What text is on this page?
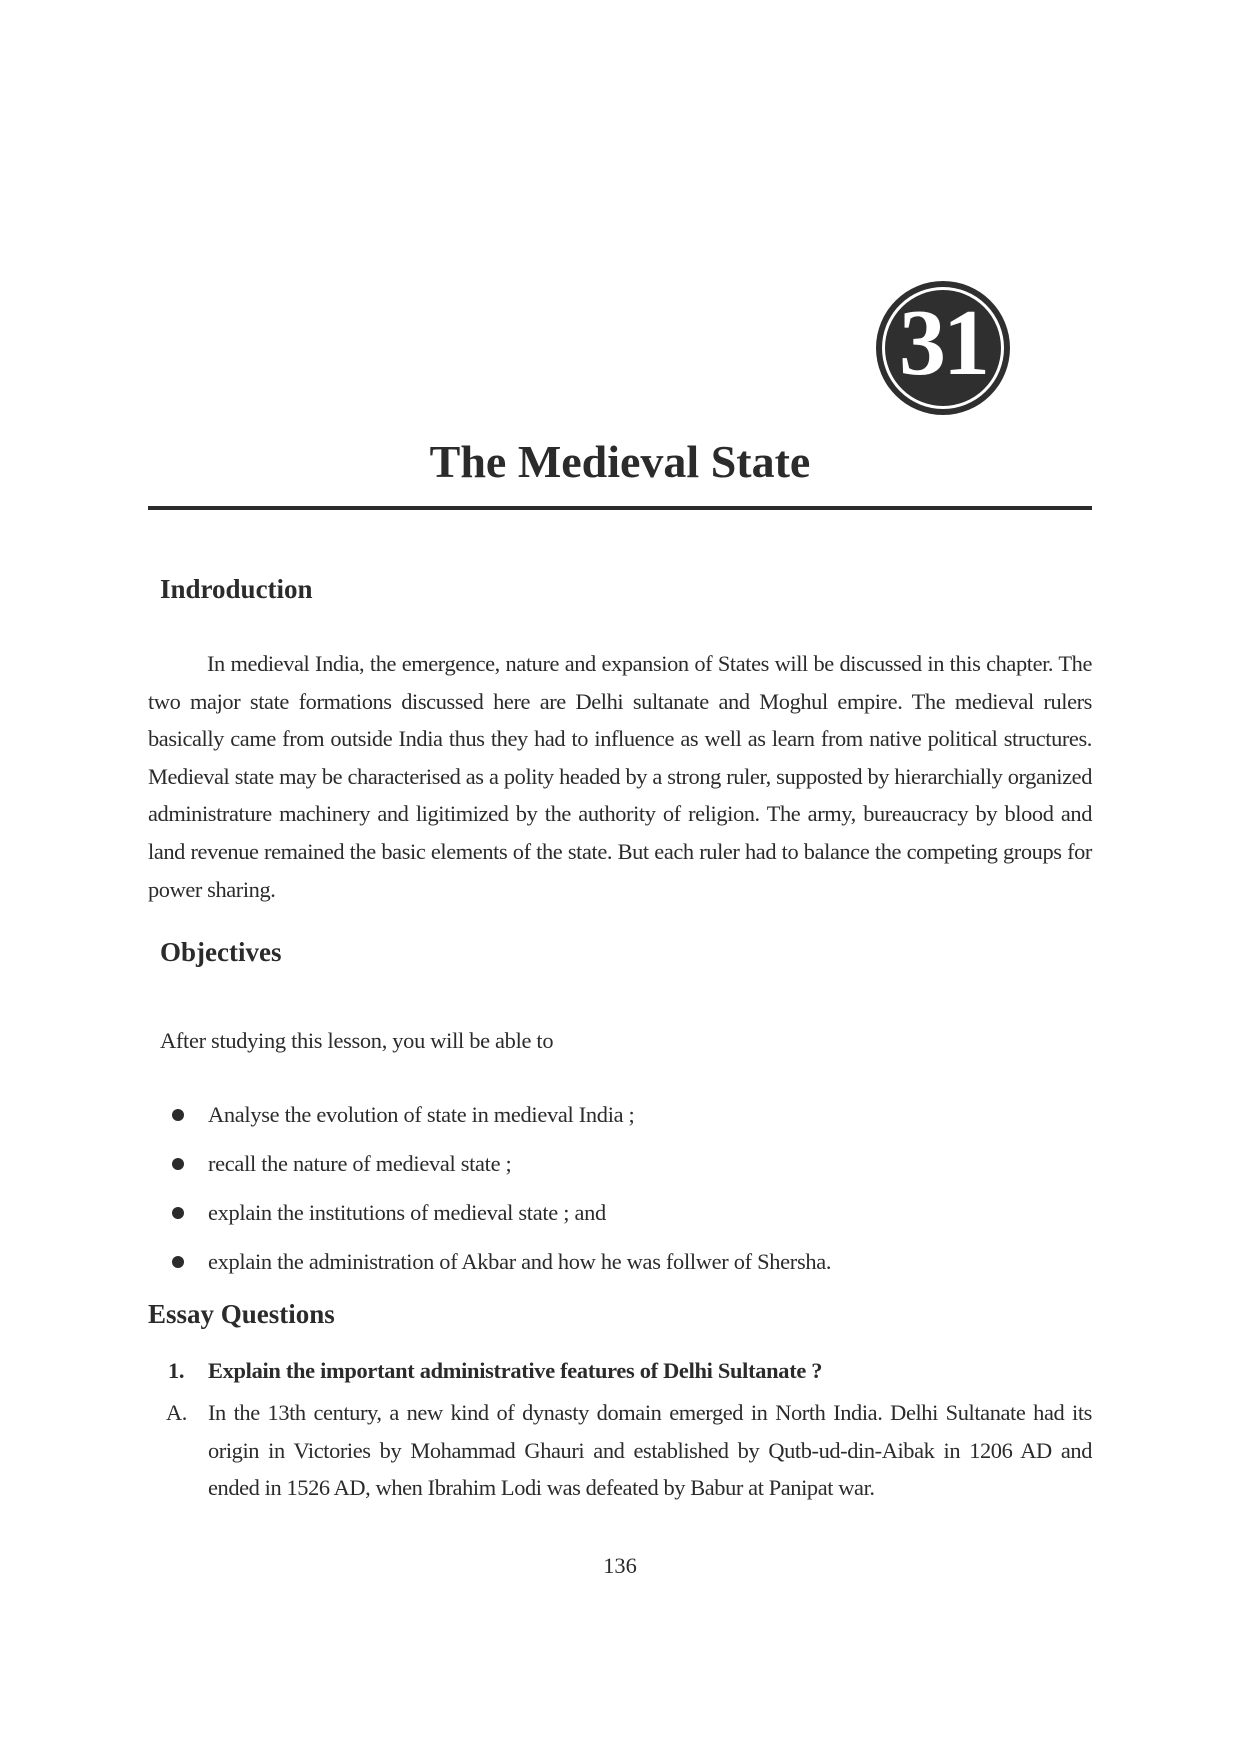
31
The Medieval State
Indroduction

In medieval India, the emergence, nature and expansion of States will be discussed in this chapter. The two major state formations discussed here are Delhi sultanate and Moghul empire. The medieval rulers basically came from outside India thus they had to influence as well as learn from native political structures. Medieval state may be characterised as a polity headed by a strong ruler, supposted by hierarchially organized administrature machinery and ligitimized by the authority of religion. The army, bureaucracy by blood and land revenue remained the basic elements of the state. But each ruler had to balance the competing groups for power sharing.

Objectives

After studying this lesson, you will be able to

Analyse the evolution of state in medieval India ;
recall the nature of medieval state ;
explain the institutions of medieval state ; and
explain the administration of Akbar and how he was follwer of Shersha.
Essay Questions
1. Explain the important administrative features of Delhi Sultanate ?
A. In the 13th century, a new kind of dynasty domain emerged in North India. Delhi Sultanate had its origin in Victories by Mohammad Ghauri and established by Qutb-ud-din-Aibak in 1206 AD and ended in 1526 AD, when Ibrahim Lodi was defeated by Babur at Panipat war.

136
